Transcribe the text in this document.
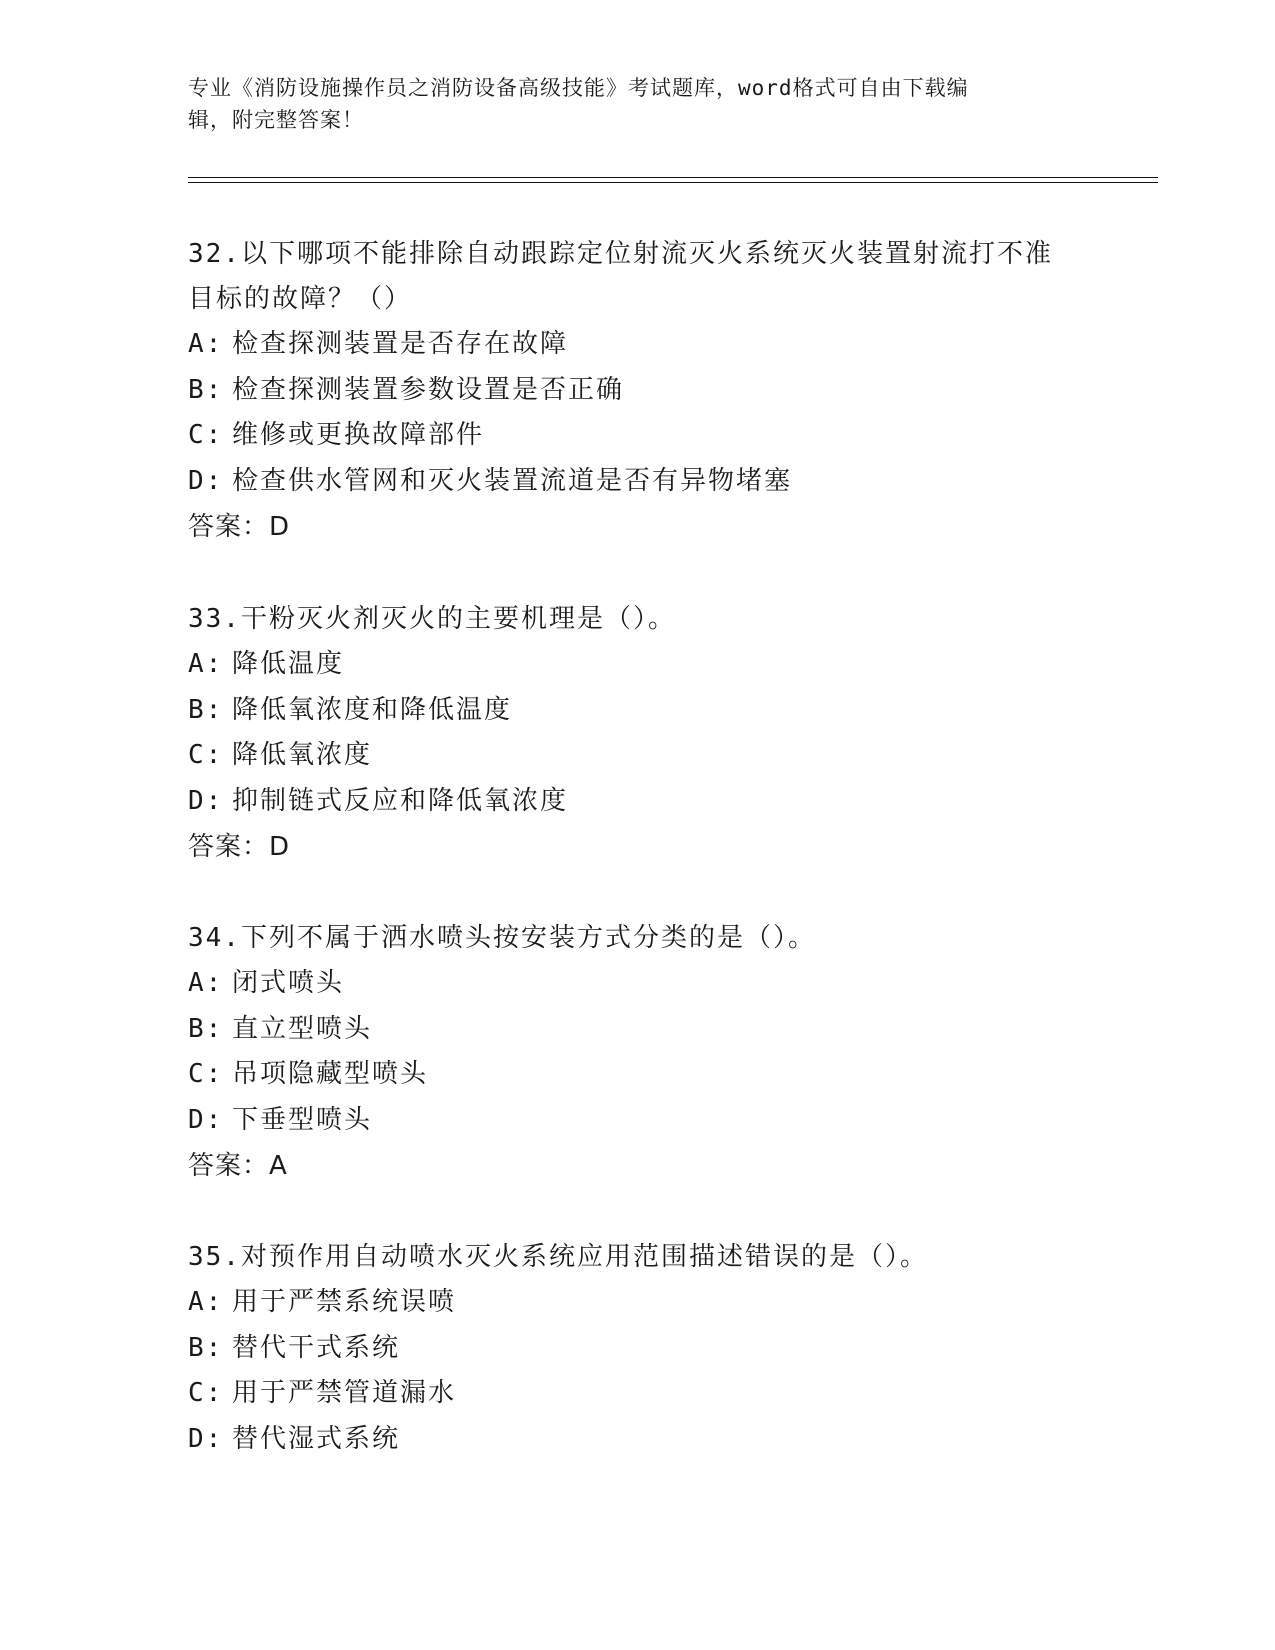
专业《消防设施操作员之消防设备高级技能》考试题库，word格式可自由下载编
辑，附完整答案！

32.以下哪项不能排除自动跟踪定位射流灭火系统灭火装置射流打不准

目标的故障？（）

A: 检查探测装置是否存在故障

B: 检查探测装置参数设置是否正确

C: 维修或更换故障部件

D: 检查供水管网和灭火装置流道是否有异物堵塞

答案：D

33.干粉灭火剂灭火的主要机理是（）。

A: 降低温度

B: 降低氧浓度和降低温度

C: 降低氧浓度

D: 抑制链式反应和降低氧浓度

答案：D

34.下列不属于洒水喷头按安装方式分类的是（）。

A: 闭式喷头

B: 直立型喷头

C: 吊项隐藏型喷头

D: 下垂型喷头

答案：A

35.对预作用自动喷水灭火系统应用范围描述错误的是（）。

A: 用于严禁系统误喷

B: 替代干式系统

C: 用于严禁管道漏水

D: 替代湿式系统
